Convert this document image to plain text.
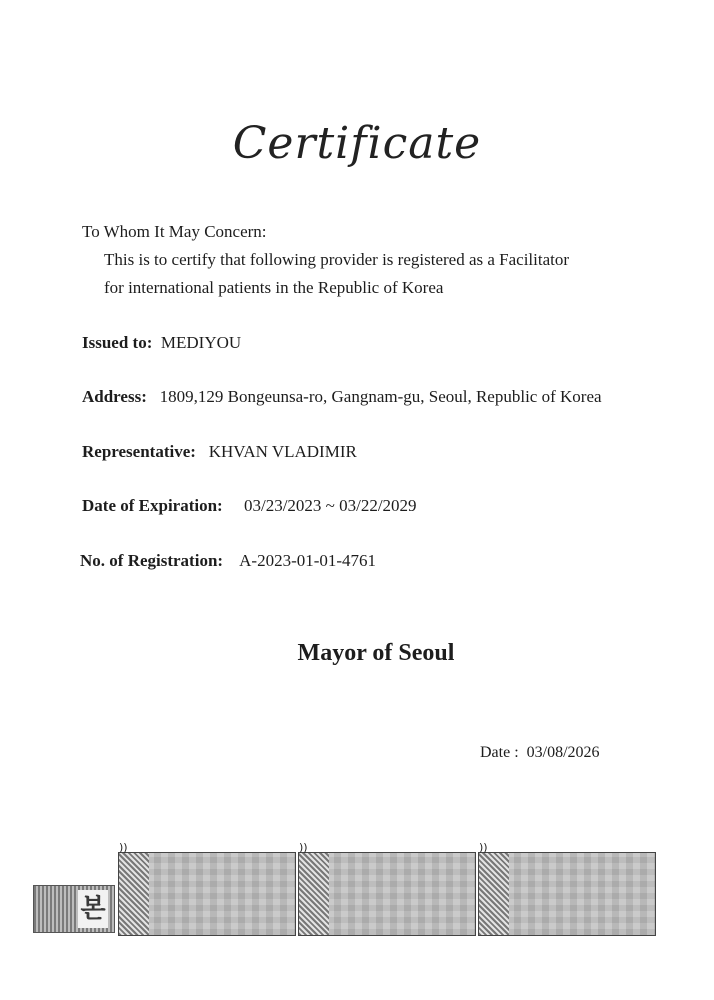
Certificate
To Whom It May Concern:
This is to certify that following provider is registered as a Facilitator
for international patients in the Republic of Korea
Issued to: MEDIYOU
Address: 1809,129 Bongeunsa-ro, Gangnam-gu, Seoul, Republic of Korea
Representative: KHVAN VLADIMIR
Date of Expiration: 03/23/2023 ~ 03/22/2029
No. of Registration: A-2023-01-01-4761
Mayor of Seoul
Date : 03/08/2026
본
))	))	))
